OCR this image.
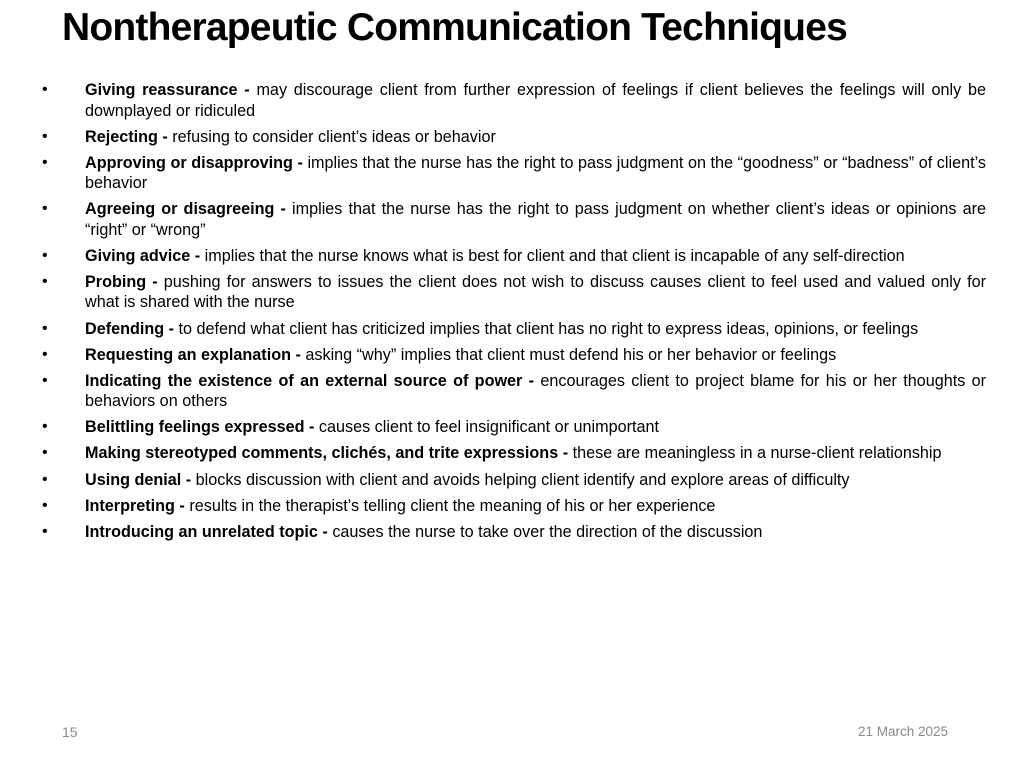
Nontherapeutic Communication Techniques
•	Giving reassurance - may discourage client from further expression of feelings if client believes the feelings will only be downplayed or ridiculed
•	Rejecting - refusing to consider client’s ideas or behavior
•	Approving or disapproving - implies that the nurse has the right to pass judgment on the “goodness” or “badness” of client’s behavior
•	Agreeing or disagreeing - implies that the nurse has the right to pass judgment on whether client’s ideas or opinions are “right” or “wrong”
•	Giving advice - implies that the nurse knows what is best for client and that client is incapable of any self-direction
•	Probing - pushing for answers to issues the client does not wish to discuss causes client to feel used and valued only for what is shared with the nurse
•	Defending - to defend what client has criticized implies that client has no right to express ideas, opinions, or feelings
•	Requesting an explanation - asking “why” implies that client must defend his or her behavior or feelings
•	Indicating the existence of an external source of power - encourages client to project blame for his or her thoughts or behaviors on others
•	Belittling feelings expressed - causes client to feel insignificant or unimportant
•	Making stereotyped comments, clichés, and trite expressions - these are meaningless in a nurse-client relationship
•	Using denial - blocks discussion with client and avoids helping client identify and explore areas of difficulty
•	Interpreting - results in the therapist’s telling client the meaning of his or her experience
•	Introducing an unrelated topic - causes the nurse to take over the direction of the discussion
15	21 March 2025
